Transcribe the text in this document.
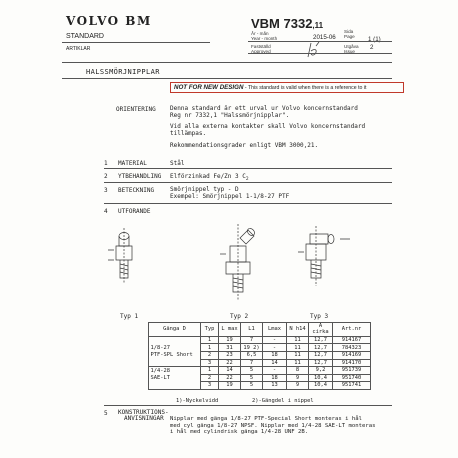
VOLVO BM
STANDARD
ARTIKLAR
VBM 7332,11
År - mån
Year - month	2015-06
Sida
Page 1 (1)
Fastställd
Approved
Utgåva
Issue
2
HALSSMÖRJNIPPLAR
NOT FOR NEW DESIGN - This standard is valid when there is a reference to it
ORIENTERING Denna standard är ett urval ur Volvo koncernstandard
Reg nr 7332,1 "Halssmörjnipplar".
Vid alla externa kontakter skall Volvo koncernstandard
tillämpas.
Rekommendationsgrader enligt VBM 3000,21.
1 MATERIAL	Stål
2 YTBEHANDLING Elförzinkad Fe/Zn 3 $C_2$
3 BETECKNING	Smörjnippel typ - D
Exempel: Smörjnippel 1-1/8-27 PTF
4 UTFORANDE
Typ 1	Typ 2	Typ 3
Gänga D	Typ	L max	L1	Lmax	N h14	A cirka	Art.nr
	1	19	7	-	11	12,7	914167
1/8-27	1	31	19 2)	-	11	12,7	784323
PTF-SPL Short	2	23	6,5	18	11	12,7	914169
	3	22	7	14	11	12,7	914170
1/4-28	1	14	5	-	8	9,2	951739
SAE-LT	2	22	5	18	9	10,4	951740
	3	19	5	13	9	10,4	951741
1)-Nyckelvidd	2)-Gängdel i nippel
5 KONSTRUKTIONS-
ANVISNINGAR	Nipplar med gänga 1/8-27 PTF-Special Short monteras i hål
med cyl gänga 1/8-27 NPSF. Nipplar med 1/4-28 SAE-LT monteras
i hål med cylindrisk gänga 1/4-28 UNF 2B.
